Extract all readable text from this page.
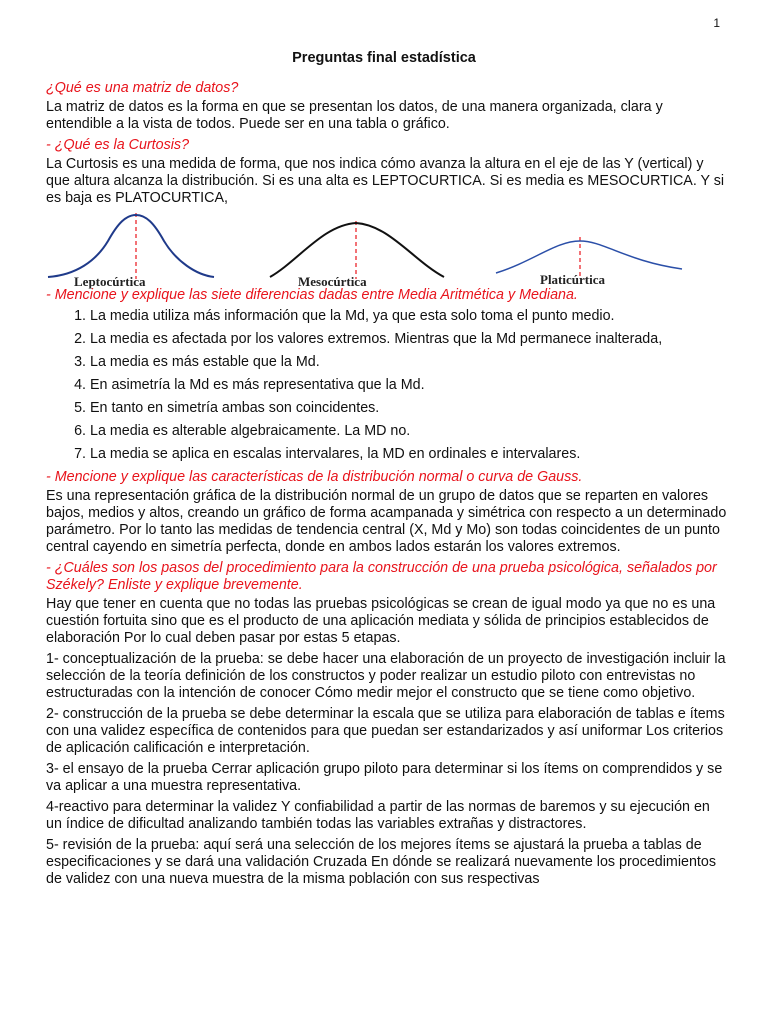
1
Preguntas final estadística

¿Qué es una matriz de datos?

La matriz de datos es la forma en que se presentan los datos, de una manera organizada, clara y entendible a la vista de todos. Puede ser en una tabla o gráfico.

- ¿Qué es la Curtosis?

La Curtosis es una medida de forma, que nos indica cómo avanza la altura en el eje de las Y (vertical) y que altura alcanza la distribución. Si es una alta es LEPTOCURTICA. Si es media es MESOCURTICA. Y si es baja es PLATOCURTICA,

Leptocúrtica	Mesocúrtica	Platicúrtica

- Mencione y explique las siete diferencias dadas entre Media Aritmética y Mediana.

1. La media utiliza más información que la Md, ya que esta solo toma el punto medio.
2. La media es afectada por los valores extremos. Mientras que la Md permanece inalterada,
3. La media es más estable que la Md.
4. En asimetría la Md es más representativa que la Md.
5. En tanto en simetría ambas son coincidentes.
6. La media es alterable algebraicamente. La MD no.
7. La media se aplica en escalas intervalares, la MD en ordinales e intervalares.

- Mencione y explique las características de la distribución normal o curva de Gauss.

Es una representación gráfica de la distribución normal de un grupo de datos que se reparten en valores bajos, medios y altos, creando un gráfico de forma acampanada y simétrica con respecto a un determinado parámetro. Por lo tanto las medidas de tendencia central (X, Md y Mo) son todas coincidentes de un punto central cayendo en simetría perfecta, donde en ambos lados estarán los valores extremos.

- ¿Cuáles son los pasos del procedimiento para la construcción de una prueba psicológica, señalados por Székely? Enliste y explique brevemente.

Hay que tener en cuenta que no todas las pruebas psicológicas se crean de igual modo ya que no es una cuestión fortuita sino que es el producto de una aplicación mediata y sólida de principios establecidos de elaboración Por lo cual deben pasar por estas 5 etapas.

1- conceptualización de la prueba: se debe hacer una elaboración de un proyecto de investigación incluir la selección de la teoría definición de los constructos y poder realizar un estudio piloto con entrevistas no estructuradas con la intención de conocer Cómo medir mejor el constructo que se tiene como objetivo.

2- construcción de la prueba se debe determinar la escala que se utiliza para elaboración de tablas e ítems con una validez específica de contenidos para que puedan ser estandarizados y así uniformar Los criterios de aplicación calificación e interpretación.

3- el ensayo de la prueba Cerrar aplicación grupo piloto para determinar si los ítems on comprendidos y se va aplicar a una muestra representativa.

4-reactivo para determinar la validez Y confiabilidad a partir de las normas de baremos y su ejecución en un índice de dificultad analizando también todas las variables extrañas y distractores.

5- revisión de la prueba: aquí será una selección de los mejores ítems se ajustará la prueba a tablas de especificaciones y se dará una validación Cruzada En dónde se realizará nuevamente los procedimientos de validez con una nueva muestra de la misma población con sus respectivas
